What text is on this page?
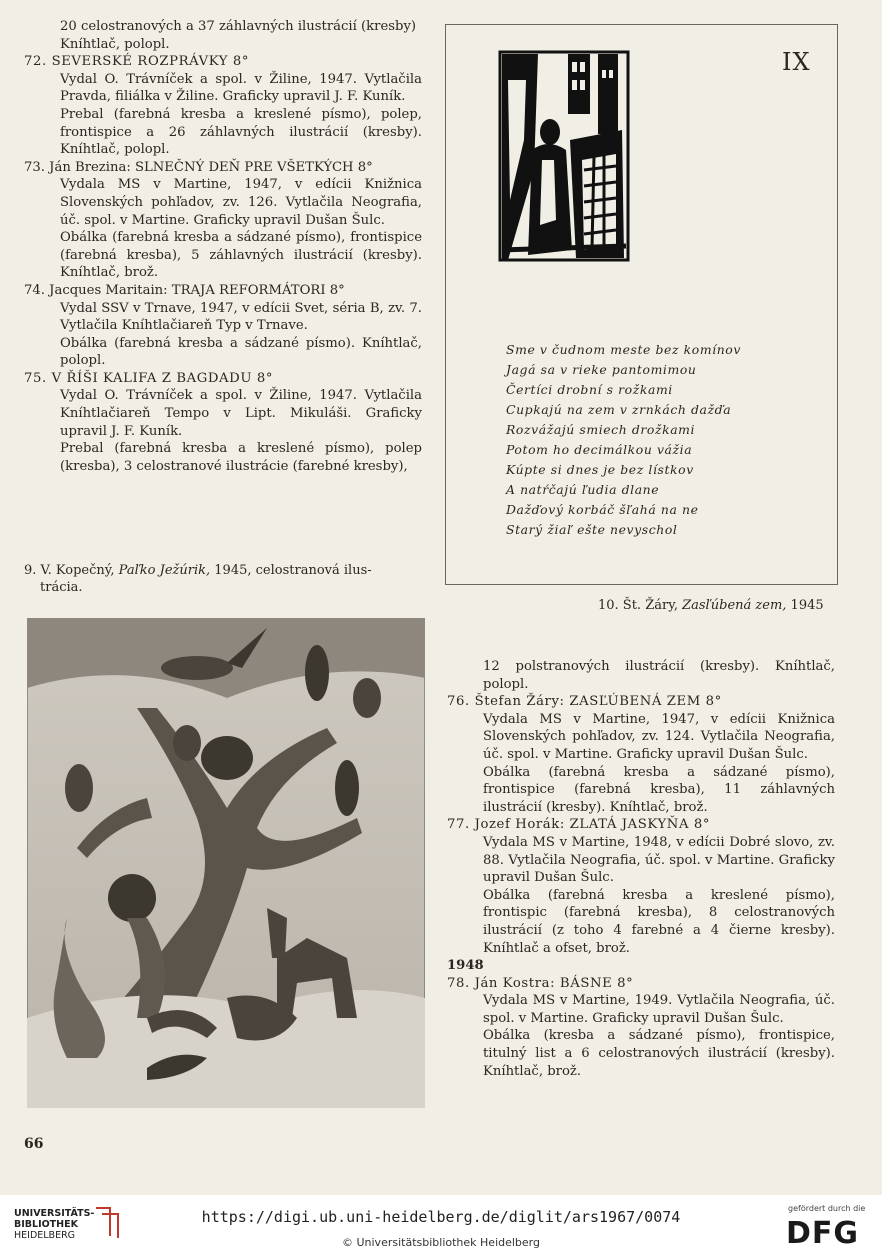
20 celostranových a 37 záhlavných ilustrácií (kresby)

Kníhtlač, polopl.

72. SEVERSKÉ ROZPRÁVKY 8°

Vydal O. Trávníček a spol. v Žiline, 1947. Vytlačila Pravda, filiálka v Žiline. Graficky upravil J. F. Kuník.

Prebal (farebná kresba a kreslené písmo), polep, frontispice a 26 záhlavných ilustrácií (kresby). Kníhtlač, polopl.

73. Ján Brezina: SLNEČNÝ DEŇ PRE VŠETKÝCH 8°

Vydala MS v Martine, 1947, v edícii Knižnica Slovenských pohľadov, zv. 126. Vytlačila Neografia, úč. spol. v Martine. Graficky upravil Dušan Šulc.

Obálka (farebná kresba a sádzané písmo), frontispice (farebná kresba), 5 záhlavných ilustrácií (kresby). Kníhtlač, brož.

74. Jacques Maritain: TRAJA REFORMÁTORI 8°

Vydal SSV v Trnave, 1947, v edícii Svet, séria B, zv. 7. Vytlačila Kníhtlačiareň Typ v Trnave.

Obálka (farebná kresba a sádzané písmo). Kníhtlač, polopl.

75. V ŘÍŠI KALIFA Z BAGDADU 8°

Vydal O. Trávníček a spol. v Žiline, 1947. Vytlačila Kníhtlačiareň Tempo v Lipt. Mikuláši. Graficky upravil J. F. Kuník.

Prebal (farebná kresba a kreslené písmo), polep (kresba), 3 celostranové ilustrácie (farebné kresby),

9. V. Kopečný, Paľko Ježúrik, 1945, celostranová ilus-
trácia.
IX
Sme v čudnom meste bez komínov
Jagá sa v rieke pantomimou
Čertíci drobní s rožkami
Cupkajú na zem v zrnkách dažďa
Rozvážajú smiech drožkami
Potom ho decimálkou vážia
Kúpte si dnes je bez lístkov
A natŕčajú ľudia dlane
Dažďový korbáč šľahá na ne
Starý žiaľ ešte nevyschol
10. Št. Žáry, Zasľúbená zem, 1945

12 polstranových ilustrácií (kresby). Kníhtlač, polopl.

76. Štefan Žáry: ZASĽÚBENÁ ZEM 8°

Vydala MS v Martine, 1947, v edícii Knižnica Slovenských pohľadov, zv. 124. Vytlačila Neografia, úč. spol. v Martine. Graficky upravil Dušan Šulc.

Obálka (farebná kresba a sádzané písmo), frontispice (farebná kresba), 11 záhlavných ilustrácií (kresby). Kníhtlač, brož.

77. Jozef Horák: ZLATÁ JASKYŇA 8°

Vydala MS v Martine, 1948, v edícii Dobré slovo, zv. 88. Vytlačila Neografia, úč. spol. v Martine. Graficky upravil Dušan Šulc.

Obálka (farebná kresba a kreslené písmo), frontispic (farebná kresba), 8 celostranových ilustrácií (z toho 4 farebné a 4 čierne kresby). Kníhtlač a ofset, brož.

1948

78. Ján Kostra: BÁSNE 8°

Vydala MS v Martine, 1949. Vytlačila Neografia, úč. spol. v Martine. Graficky upravil Dušan Šulc.

Obálka (kresba a sádzané písmo), frontispice, titulný list a 6 celostranových ilustrácií (kresby). Kníhtlač, brož.

66
UNIVERSITÄTS-
BIBLIOTHEK
HEIDELBERG
https://digi.ub.uni-heidelberg.de/diglit/ars1967/0074
© Universitätsbibliothek Heidelberg
gefördert durch die
DFG
